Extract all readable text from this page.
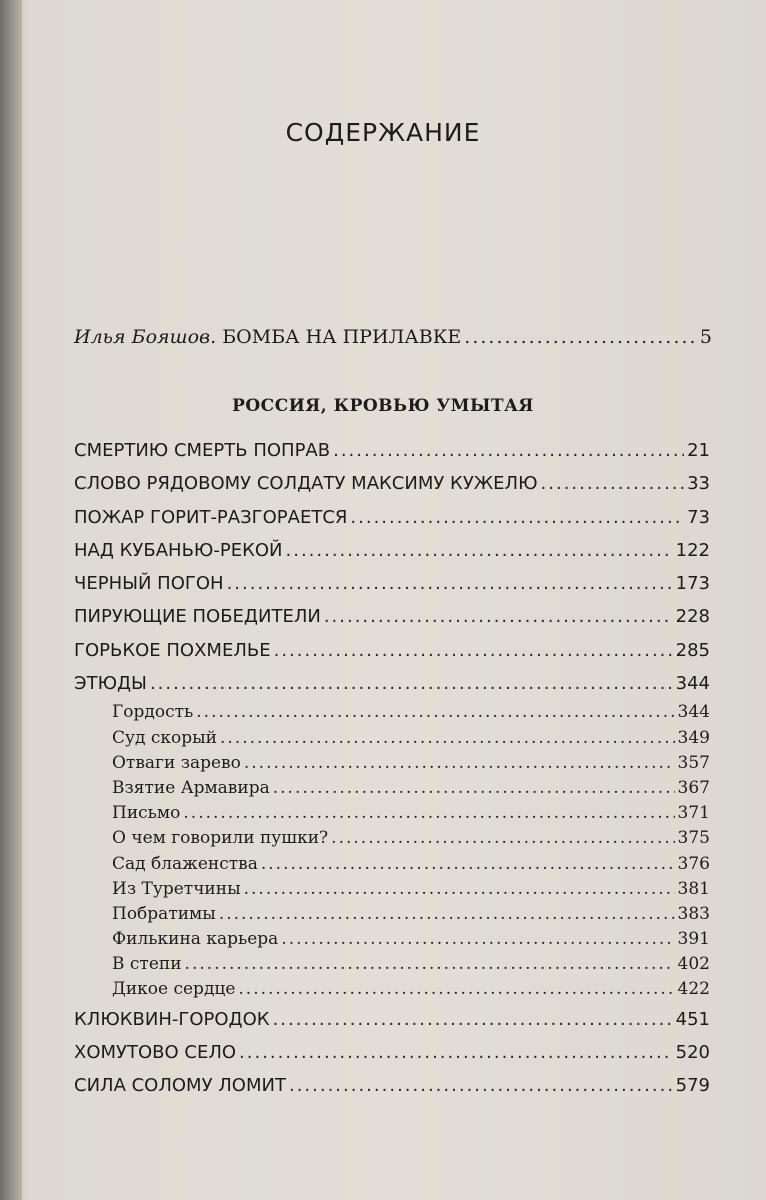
СОДЕРЖАНИЕ
Илья Бояшов. БОМБА НА ПРИЛАВКЕ .....	5
РОССИЯ, КРОВЬЮ УМЫТАЯ
СМЕРТИЮ СМЕРТЬ ПОПРАВ .....	21
СЛОВО РЯДОВОМУ СОЛДАТУ МАКСИМУ КУЖЕЛЮ .....	33
ПОЖАР ГОРИТ-РАЗГОРАЕТСЯ .....	73
НАД КУБАНЬЮ-РЕКОЙ .....	122
ЧЕРНЫЙ ПОГОН .....	173
ПИРУЮЩИЕ ПОБЕДИТЕЛИ .....	228
ГОРЬКОЕ ПОХМЕЛЬЕ .....	285
ЭТЮДЫ .....	344
Гордость .....	344
Суд скорый .....	349
Отваги зарево .....	357
Взятие Армавира .....	367
Письмо .....	371
О чем говорили пушки? .....	375
Сад блаженства .....	376
Из Туретчины .....	381
Побратимы .....	383
Филькина карьера .....	391
В степи .....	402
Дикое сердце .....	422
КЛЮКВИН-ГОРОДОК .....	451
ХОМУТОВО СЕЛО .....	520
СИЛА СОЛОМУ ЛОМИТ .....	579
